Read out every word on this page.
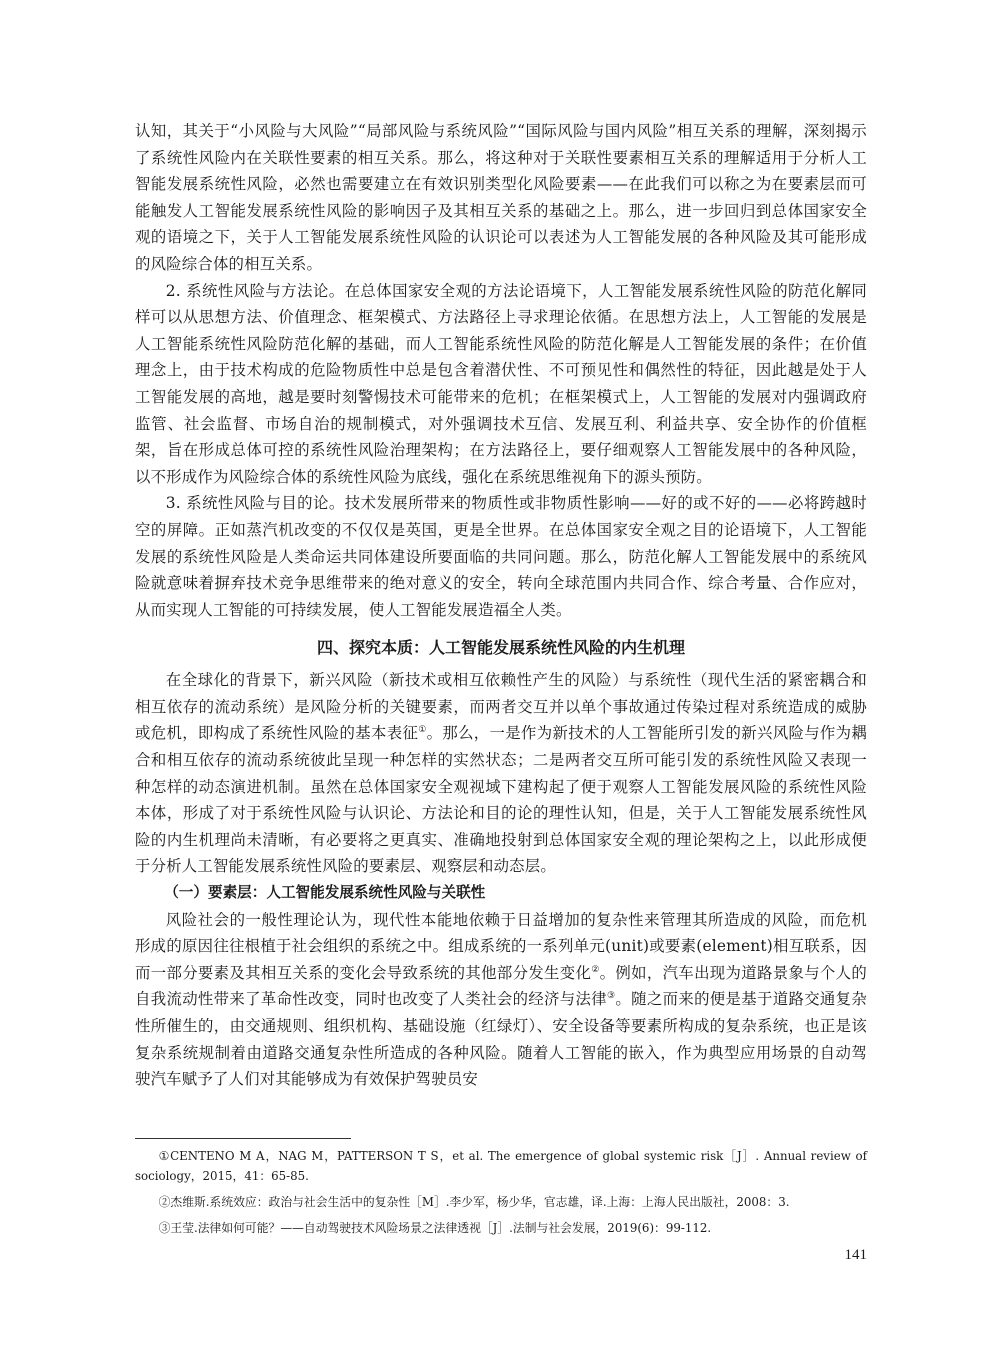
认知，其关于“小风险与大风险”“局部风险与系统风险”“国际风险与国内风险”相互关系的理解，深刻揭示了系统性风险内在关联性要素的相互关系。那么，将这种对于关联性要素相互关系的理解适用于分析人工智能发展系统性风险，必然也需要建立在有效识别类型化风险要素——在此我们可以称之为在要素层而可能触发人工智能发展系统性风险的影响因子及其相互关系的基础之上。那么，进一步回归到总体国家安全观的语境之下，关于人工智能发展系统性风险的认识论可以表述为人工智能发展的各种风险及其可能形成的风险综合体的相互关系。

2. 系统性风险与方法论。在总体国家安全观的方法论语境下，人工智能发展系统性风险的防范化解同样可以从思想方法、价值理念、框架模式、方法路径上寻求理论依循。在思想方法上，人工智能的发展是人工智能系统性风险防范化解的基础，而人工智能系统性风险的防范化解是人工智能发展的条件；在价值理念上，由于技术构成的危险物质性中总是包含着潜伏性、不可预见性和偶然性的特征，因此越是处于人工智能发展的高地，越是要时刻警惕技术可能带来的危机；在框架模式上，人工智能的发展对内强调政府监管、社会监督、市场自治的规制模式，对外强调技术互信、发展互利、利益共享、安全协作的价值框架，旨在形成总体可控的系统性风险治理架构；在方法路径上，要仔细观察人工智能发展中的各种风险，以不形成作为风险综合体的系统性风险为底线，强化在系统思维视角下的源头预防。

3. 系统性风险与目的论。技术发展所带来的物质性或非物质性影响——好的或不好的——必将跨越时空的屏障。正如蒸汽机改变的不仅仅是英国，更是全世界。在总体国家安全观之目的论语境下，人工智能发展的系统性风险是人类命运共同体建设所要面临的共同问题。那么，防范化解人工智能发展中的系统风险就意味着摒弃技术竞争思维带来的绝对意义的安全，转向全球范围内共同合作、综合考量、合作应对，从而实现人工智能的可持续发展，使人工智能发展造福全人类。

四、探究本质：人工智能发展系统性风险的内生机理

在全球化的背景下，新兴风险（新技术或相互依赖性产生的风险）与系统性（现代生活的紧密耦合和相互依存的流动系统）是风险分析的关键要素，而两者交互并以单个事故通过传染过程对系统造成的威胁或危机，即构成了系统性风险的基本表征①。那么，一是作为新技术的人工智能所引发的新兴风险与作为耦合和相互依存的流动系统彼此呈现一种怎样的实然状态；二是两者交互所可能引发的系统性风险又表现一种怎样的动态演进机制。虽然在总体国家安全观视域下建构起了便于观察人工智能发展风险的系统性风险本体，形成了对于系统性风险与认识论、方法论和目的论的理性认知，但是，关于人工智能发展系统性风险的内生机理尚未清晰，有必要将之更真实、准确地投射到总体国家安全观的理论架构之上，以此形成便于分析人工智能发展系统性风险的要素层、观察层和动态层。

（一）要素层：人工智能发展系统性风险与关联性

风险社会的一般性理论认为，现代性本能地依赖于日益增加的复杂性来管理其所造成的风险，而危机形成的原因往往根植于社会组织的系统之中。组成系统的一系列单元(unit)或要素(element)相互联系，因而一部分要素及其相互关系的变化会导致系统的其他部分发生变化②。例如，汽车出现为道路景象与个人的自我流动性带来了革命性改变，同时也改变了人类社会的经济与法律③。随之而来的便是基于道路交通复杂性所催生的，由交通规则、组织机构、基础设施（红绿灯）、安全设备等要素所构成的复杂系统，也正是该复杂系统规制着由道路交通复杂性所造成的各种风险。随着人工智能的嵌入，作为典型应用场景的自动驾驶汽车赋予了人们对其能够成为有效保护驾驶员安

①CENTENO M A，NAG M，PATTERSON T S，et al. The emergence of global systemic risk［J］. Annual review of sociology，2015，41：65-85.

②杰维斯.系统效应：政治与社会生活中的复杂性［M］.李少军，杨少华，官志雄，译.上海：上海人民出版社，2008：3.

③王莹.法律如何可能？——自动驾驶技术风险场景之法律透视［J］.法制与社会发展，2019(6)：99-112.

141
